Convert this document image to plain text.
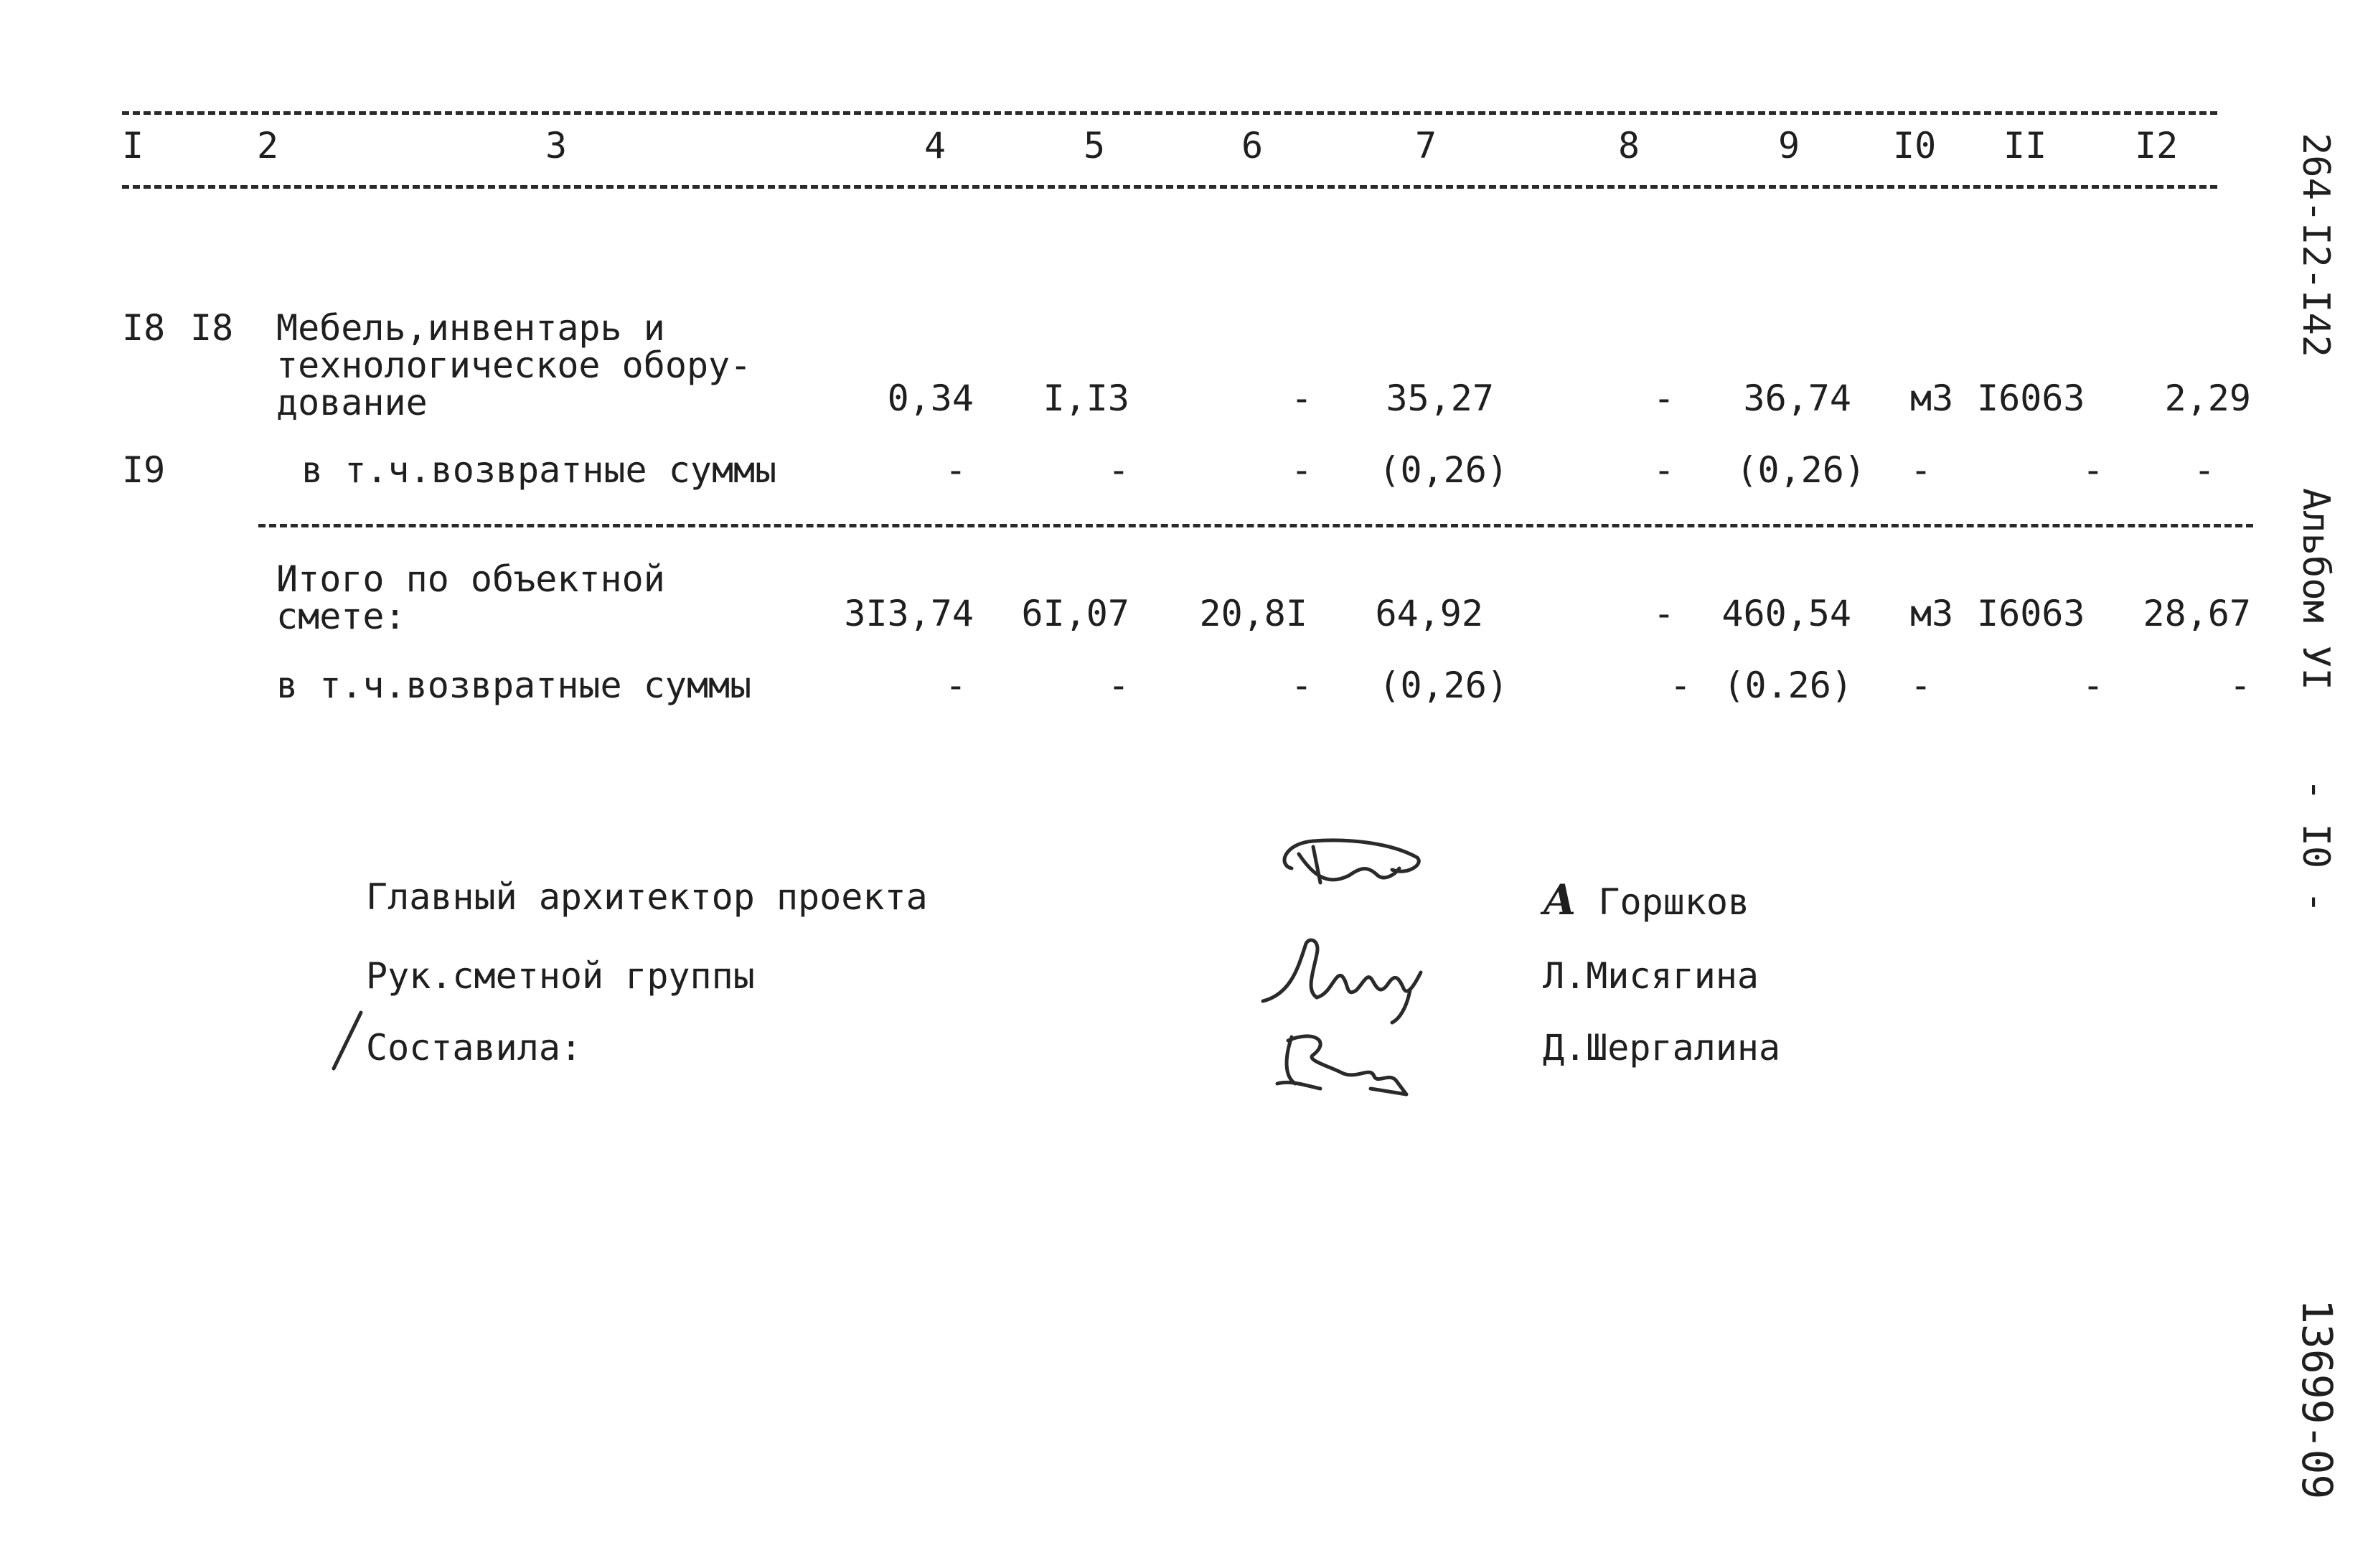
I	2	3	4	5	6	7	8	9	I0 II I2
I8 I8 Мебель,инвентарь и
технологическое обору-
дование	0,34 I,I3	- 35,27	- 36,74 м3 I6063 2,29
I9	в т.ч.возвратные суммы	-	-	- (0,26)	- (0,26) -	- -
Итого по объектной
смете:	3I3,74 6I,07 20,8I 64,92	- 460,54 м3 I6063 28,67
в т.ч.возвратные суммы	-	-	- (0,26)	- (0.26) -	-	-
Главный архитектор проекта
Рук.сметной группы
Составила:
А Горшков
Л.Мисягина
Д.Шергалина
264-I2-I42
Альбом УI
- I0 -
13699-09
